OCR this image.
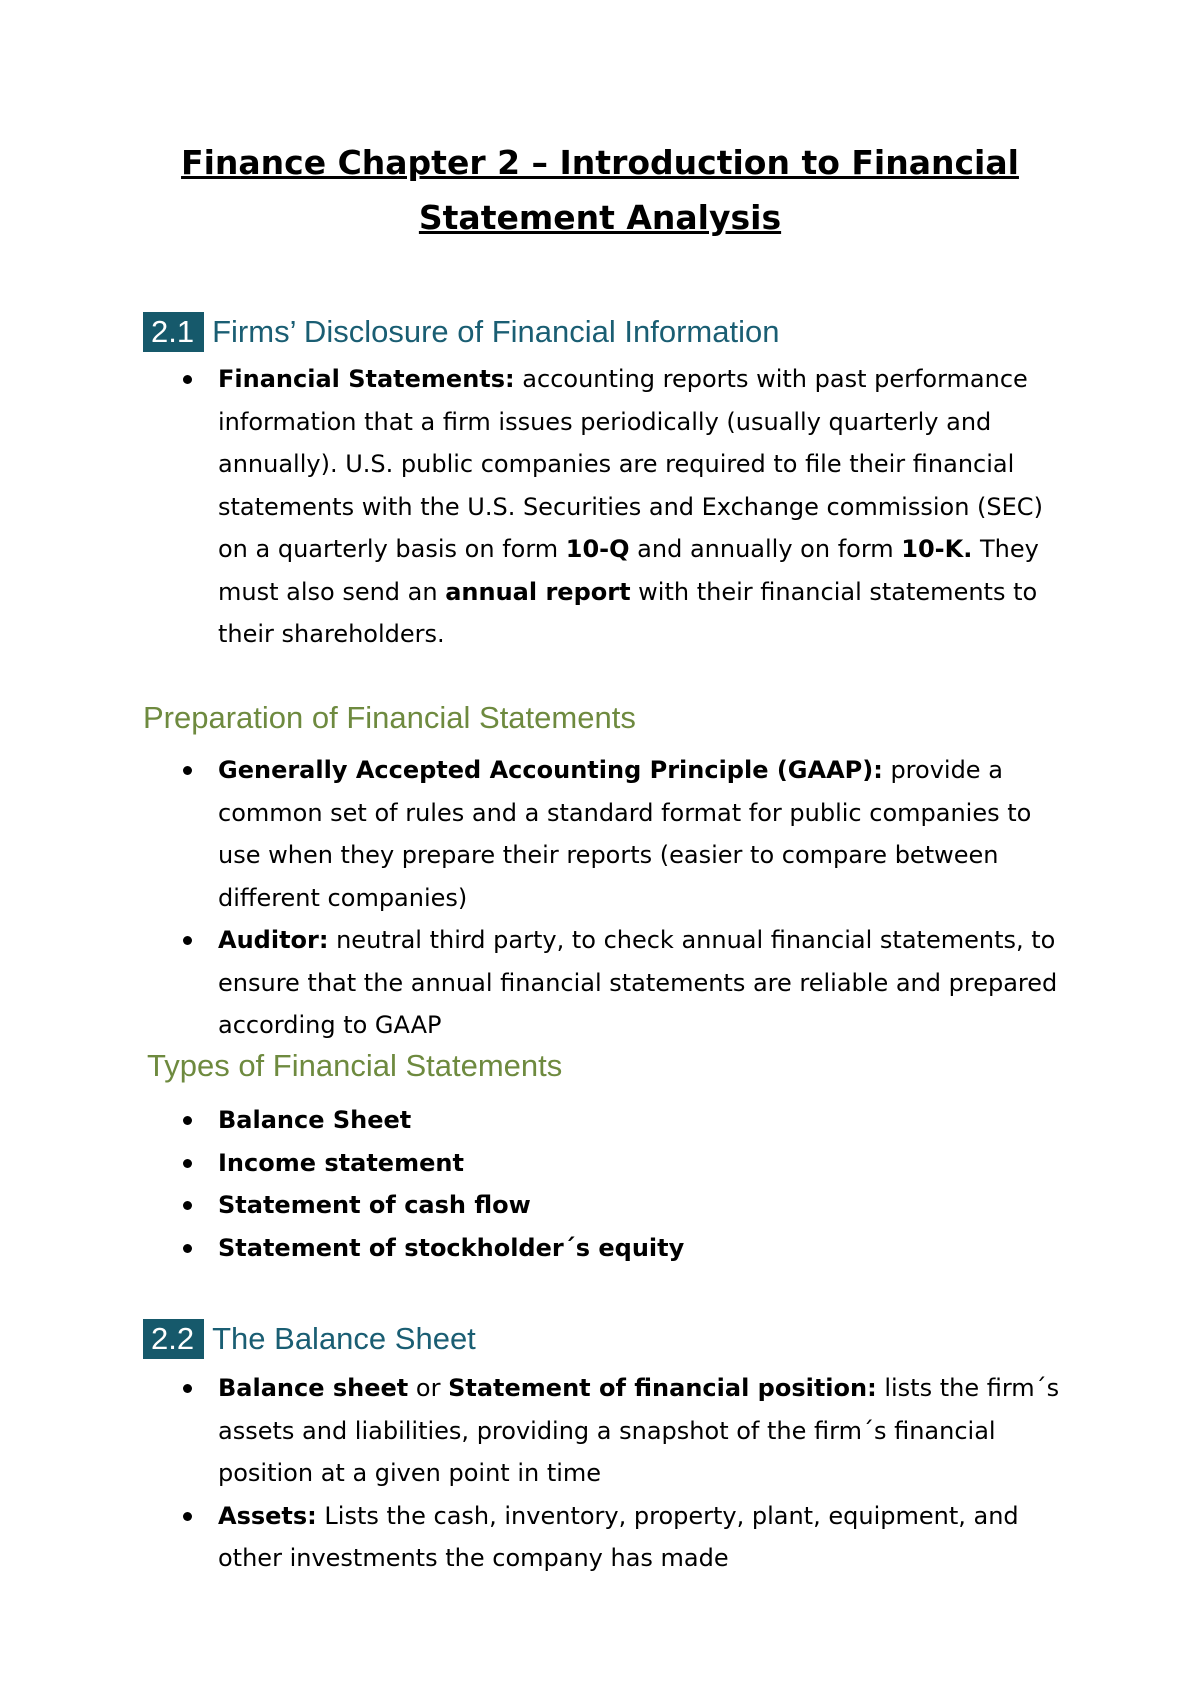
Finance Chapter 2 – Introduction to Financial
Statement Analysis
2.1 Firms’ Disclosure of Financial Information
Financial Statements: accounting reports with past performance information that a firm issues periodically (usually quarterly and annually). U.S. public companies are required to file their financial statements with the U.S. Securities and Exchange commission (SEC) on a quarterly basis on form 10-Q and annually on form 10-K. They must also send an annual report with their financial statements to their shareholders.
Preparation of Financial Statements
Generally Accepted Accounting Principle (GAAP): provide a common set of rules and a standard format for public companies to use when they prepare their reports (easier to compare between different companies)
Auditor: neutral third party, to check annual financial statements, to ensure that the annual financial statements are reliable and prepared according to GAAP
Types of Financial Statements
Balance Sheet
Income statement
Statement of cash flow
Statement of stockholder´s equity
2.2 The Balance Sheet
Balance sheet or Statement of financial position: lists the firm´s assets and liabilities, providing a snapshot of the firm´s financial position at a given point in time
Assets: Lists the cash, inventory, property, plant, equipment, and other investments the company has made
